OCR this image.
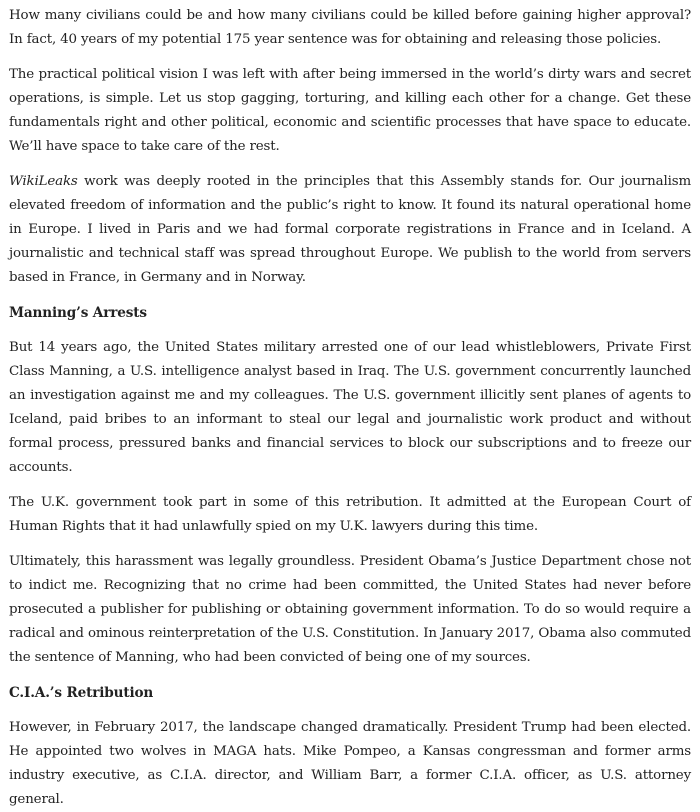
How many civilians could be and how many civilians could be killed before gaining higher approval? In fact, 40 years of my potential 175 year sentence was for obtaining and releasing those policies.

The practical political vision I was left with after being immersed in the world’s dirty wars and secret operations, is simple. Let us stop gagging, torturing, and killing each other for a change. Get these fundamentals right and other political, economic and scientific processes that have space to educate. We’ll have space to take care of the rest.

WikiLeaks work was deeply rooted in the principles that this Assembly stands for. Our journalism elevated freedom of information and the public’s right to know. It found its natural operational home in Europe. I lived in Paris and we had formal corporate registrations in France and in Iceland. A journalistic and technical staff was spread throughout Europe. We publish to the world from servers based in France, in Germany and in Norway.

Manning’s Arrests

But 14 years ago, the United States military arrested one of our lead whistleblowers, Private First Class Manning, a U.S. intelligence analyst based in Iraq. The U.S. government concurrently launched an investigation against me and my colleagues. The U.S. government illicitly sent planes of agents to Iceland, paid bribes to an informant to steal our legal and journalistic work product and without formal process, pressured banks and financial services to block our subscriptions and to freeze our accounts.

The U.K. government took part in some of this retribution. It admitted at the European Court of Human Rights that it had unlawfully spied on my U.K. lawyers during this time.

Ultimately, this harassment was legally groundless. President Obama’s Justice Department chose not to indict me. Recognizing that no crime had been committed, the United States had never before prosecuted a publisher for publishing or obtaining government information. To do so would require a radical and ominous reinterpretation of the U.S. Constitution. In January 2017, Obama also commuted the sentence of Manning, who had been convicted of being one of my sources.

C.I.A.’s Retribution

However, in February 2017, the landscape changed dramatically. President Trump had been elected. He appointed two wolves in MAGA hats. Mike Pompeo, a Kansas congressman and former arms industry executive, as C.I.A. director, and William Barr, a former C.I.A. officer, as U.S. attorney general.
